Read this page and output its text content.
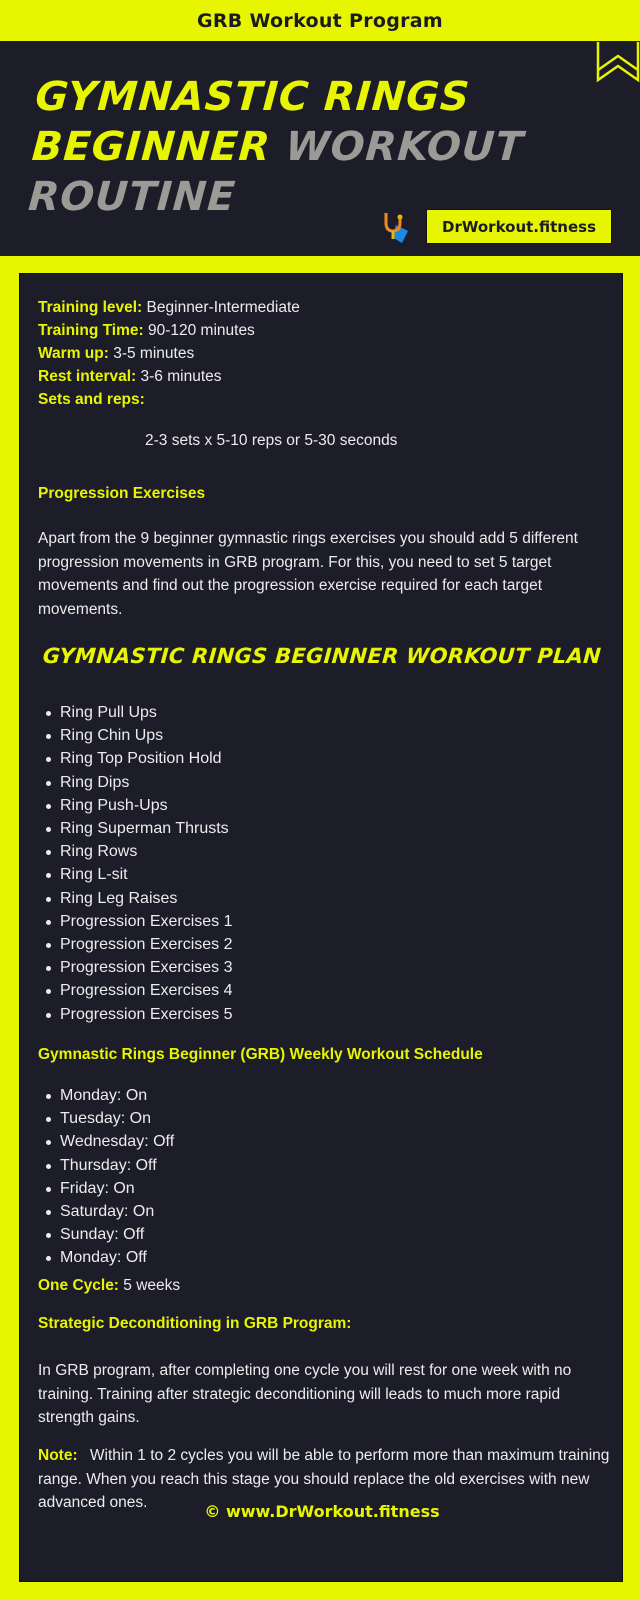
GRB Workout Program
GYMNASTIC RINGS
BEGINNER WORKOUT
ROUTINE
DrWorkout.fitness
Training level: Beginner-Intermediate
Training Time: 90-120 minutes
Warm up: 3-5 minutes
Rest interval: 3-6 minutes
Sets and reps:
2-3 sets x 5-10 reps or 5-30 seconds
Progression Exercises
Apart from the 9 beginner gymnastic rings exercises you should add 5 different progression movements in GRB program. For this, you need to set 5 target movements and find out the progression exercise required for each target movements.
GYMNASTIC RINGS BEGINNER WORKOUT PLAN
Ring Pull Ups
Ring Chin Ups
Ring Top Position Hold
Ring Dips
Ring Push-Ups
Ring Superman Thrusts
Ring Rows
Ring L-sit
Ring Leg Raises
Progression Exercises 1
Progression Exercises 2
Progression Exercises 3
Progression Exercises 4
Progression Exercises 5
Gymnastic Rings Beginner (GRB) Weekly Workout Schedule
Monday: On
Tuesday: On
Wednesday: Off
Thursday: Off
Friday: On
Saturday: On
Sunday: Off
Monday: Off
One Cycle: 5 weeks
Strategic Deconditioning in GRB Program:
In GRB program, after completing one cycle you will rest for one week with no training. Training after strategic deconditioning will leads to much more rapid strength gains.
Note: Within 1 to 2 cycles you will be able to perform more than maximum training range. When you reach this stage you should replace the old exercises with new advanced ones.	© www.DrWorkout.fitness
